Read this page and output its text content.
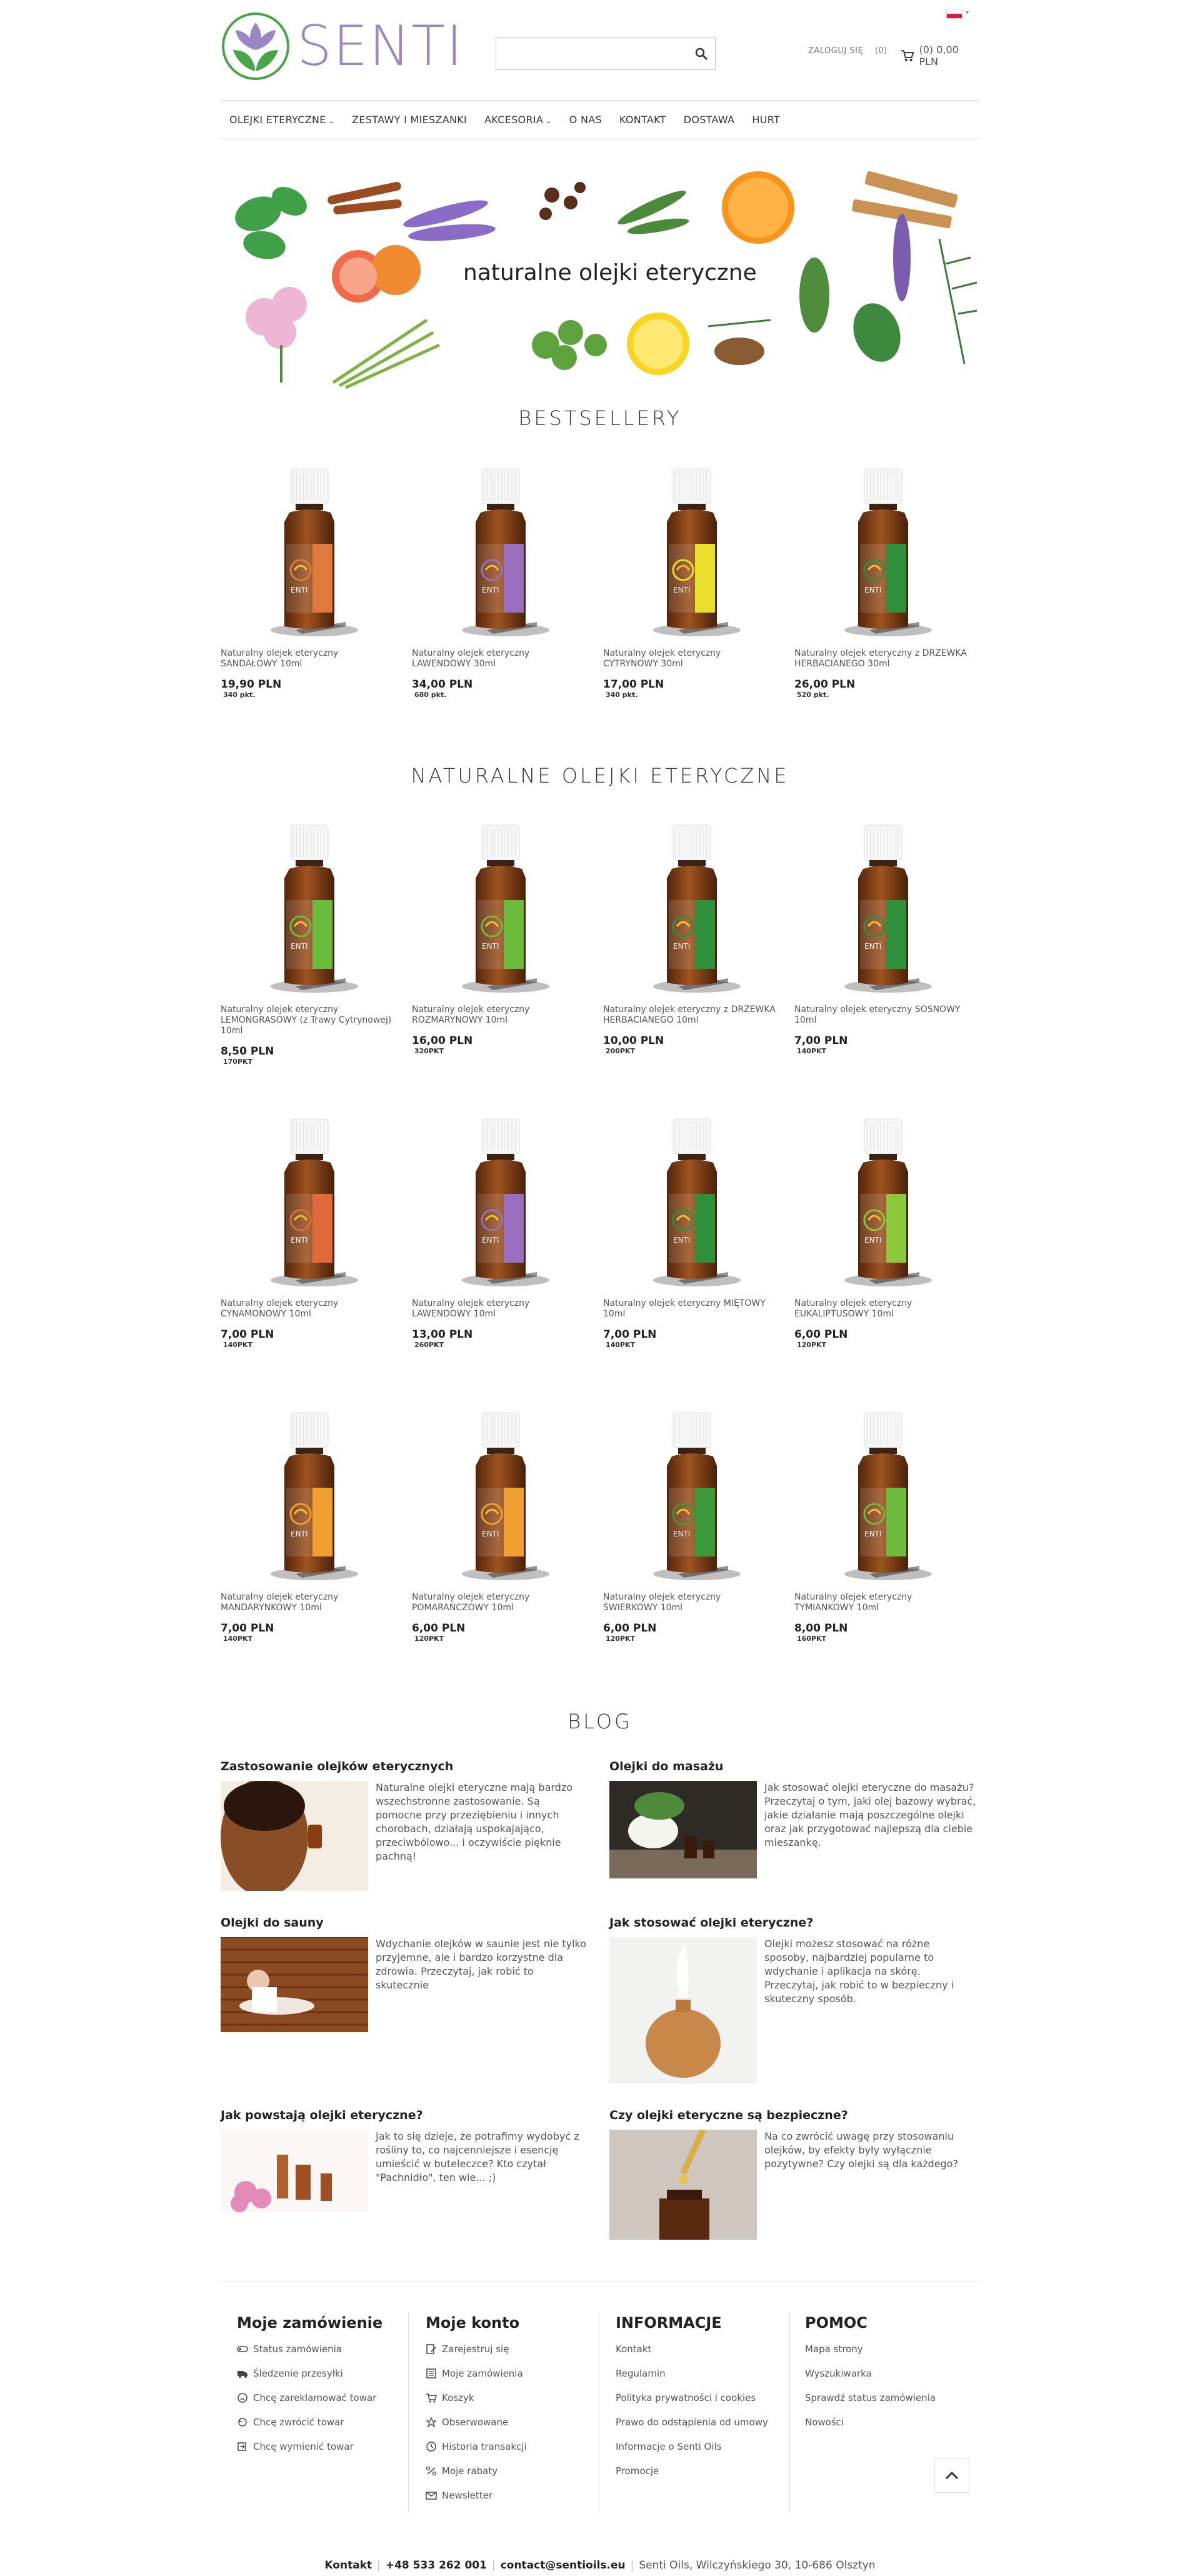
SENTI
▾
ZALOGUJ SIĘ (0)	(0) 0,00 PLN
OLEJKI ETERYCZNE ⌄	ZESTAWY I MIESZANKI	AKCESORIA ⌄	O NAS	KONTAKT	DOSTAWA	HURT
naturalne olejki eteryczne
BESTSELLERY
ENTI
Naturalny olejek eteryczny SANDAŁOWY 10ml
19,90 PLN
340 pkt.
ENTI
Naturalny olejek eteryczny LAWENDOWY 30ml
34,00 PLN
680 pkt.
ENTI
Naturalny olejek eteryczny CYTRYNOWY 30ml
17,00 PLN
340 pkt.
ENTI
Naturalny olejek eteryczny z DRZEWKA HERBACIANEGO 30ml
26,00 PLN
520 pkt.
NATURALNE OLEJKI ETERYCZNE
ENTI
Naturalny olejek eteryczny LEMONGRASOWY (z Trawy Cytrynowej) 10ml
8,50 PLN
170PKT
ENTI
Naturalny olejek eteryczny ROZMARYNOWY 10ml
16,00 PLN
320PKT
ENTI
Naturalny olejek eteryczny z DRZEWKA HERBACIANEGO 10ml
10,00 PLN
200PKT
ENTI
Naturalny olejek eteryczny SOSNOWY 10ml
7,00 PLN
140PKT
ENTI
Naturalny olejek eteryczny CYNAMONOWY 10ml
7,00 PLN
140PKT
ENTI
Naturalny olejek eteryczny LAWENDOWY 10ml
13,00 PLN
260PKT
ENTI
Naturalny olejek eteryczny MIĘTOWY 10ml
7,00 PLN
140PKT
ENTI
Naturalny olejek eteryczny EUKALIPTUSOWY 10ml
6,00 PLN
120PKT
ENTI
Naturalny olejek eteryczny MANDARYNKOWY 10ml
7,00 PLN
140PKT
ENTI
Naturalny olejek eteryczny POMARAŃCZOWY 10ml
6,00 PLN
120PKT
ENTI
Naturalny olejek eteryczny ŚWIERKOWY 10ml
6,00 PLN
120PKT
ENTI
Naturalny olejek eteryczny TYMIANKOWY 10ml
8,00 PLN
160PKT
BLOG
Zastosowanie olejków eterycznych
Naturalne olejki eteryczne mają bardzo wszechstronne zastosowanie. Są pomocne przy przeziębieniu i innych chorobach, działają uspokajająco, przeciwbólowo... i oczywiście pięknie pachną!
Olejki do masażu
Jak stosować olejki eteryczne do masażu? Przeczytaj o tym, jaki olej bazowy wybrać, jakie działanie mają poszczególne olejki oraz jak przygotować najlepszą dla ciebie mieszankę.
Olejki do sauny
Wdychanie olejków w saunie jest nie tylko przyjemne, ale i bardzo korzystne dla zdrowia. Przeczytaj, jak robić to skutecznie
Jak stosować olejki eteryczne?
Olejki możesz stosować na różne sposoby, najbardziej popularne to wdychanie i aplikacja na skórę. Przeczytaj, jak robić to w bezpieczny i skuteczny sposób.
Jak powstają olejki eteryczne?
Jak to się dzieje, że potrafimy wydobyć z rośliny to, co najcenniejsze i esencję umieścić w buteleczce? Kto czytał "Pachnidło", ten wie... ;)
Czy olejki eteryczne są bezpieczne?
Na co zwrócić uwagę przy stosowaniu olejków, by efekty były wyłącznie pozytywne? Czy olejki są dla każdego?
Moje zamówienie
Status zamówienia
Śledzenie przesyłki
Chcę zareklamować towar
Chcę zwrócić towar
Chcę wymienić towar
Moje konto
Zarejestruj się
Moje zamówienia
Koszyk
Obserwowane
Historia transakcji
Moje rabaty
Newsletter
INFORMACJE
Kontakt
Regulamin
Polityka prywatności i cookies
Prawo do odstąpienia od umowy
Informacje o Senti Oils
Promocje
POMOC
Mapa strony
Wyszukiwarka
Sprawdź status zamówienia
Nowości
Kontakt | +48 533 262 001 | contact@sentioils.eu | Senti Oils, Wilczyńskiego 30, 10-686 Olsztyn
